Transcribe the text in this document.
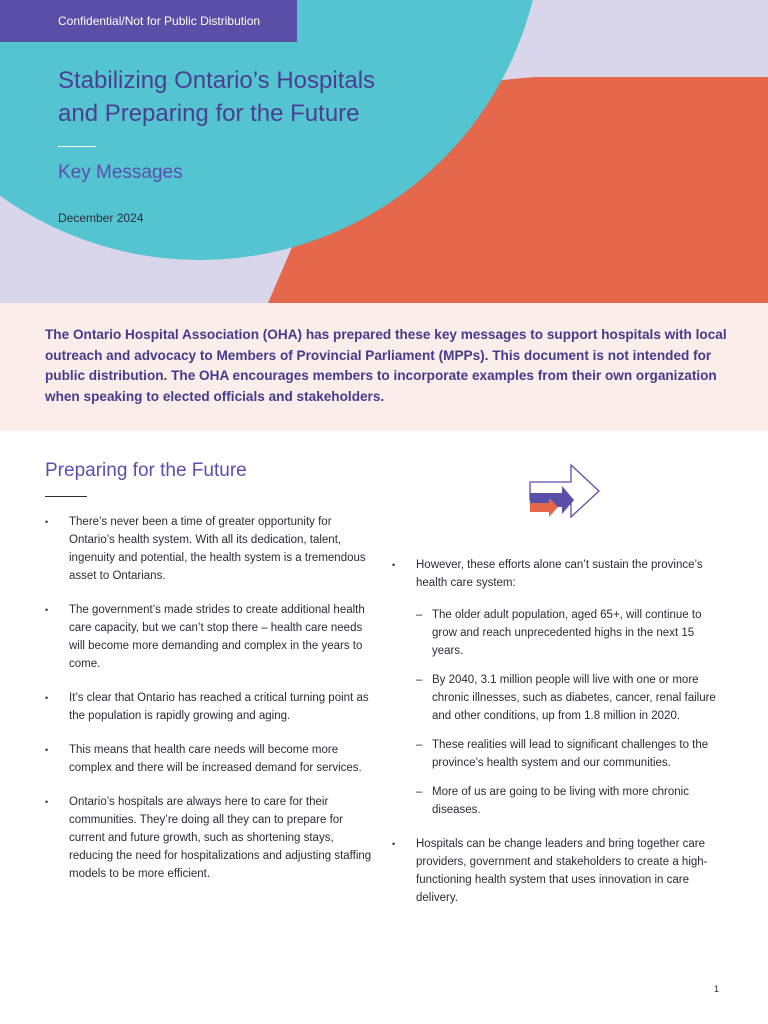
Confidential/Not for Public Distribution
Stabilizing Ontario’s Hospitals
and Preparing for the Future
Key Messages
December 2024

The Ontario Hospital Association (OHA) has prepared these key messages to support hospitals with local outreach and advocacy to Members of Provincial Parliament (MPPs). This document is not intended for public distribution. The OHA encourages members to incorporate examples from their own organization when speaking to elected officials and stakeholders.

Preparing for the Future
• There’s never been a time of greater opportunity for Ontario’s health system. With all its dedication, talent, ingenuity and potential, the health system is a tremendous asset to Ontarians.
• The government’s made strides to create additional health care capacity, but we can’t stop there – health care needs will become more demanding and complex in the years to come.
• It’s clear that Ontario has reached a critical turning point as the population is rapidly growing and aging.
• This means that health care needs will become more complex and there will be increased demand for services.
• Ontario’s hospitals are always here to care for their communities. They’re doing all they can to prepare for current and future growth, such as shortening stays, reducing the need for hospitalizations and adjusting staffing models to be more efficient.
• However, these efforts alone can’t sustain the province’s health care system:
– The older adult population, aged 65+, will continue to grow and reach unprecedented highs in the next 15 years.
– By 2040, 3.1 million people will live with one or more chronic illnesses, such as diabetes, cancer, renal failure and other conditions, up from 1.8 million in 2020.
– These realities will lead to significant challenges to the province’s health system and our communities.
– More of us are going to be living with more chronic diseases.
• Hospitals can be change leaders and bring together care providers, government and stakeholders to create a high-functioning health system that uses innovation in care delivery.
1
